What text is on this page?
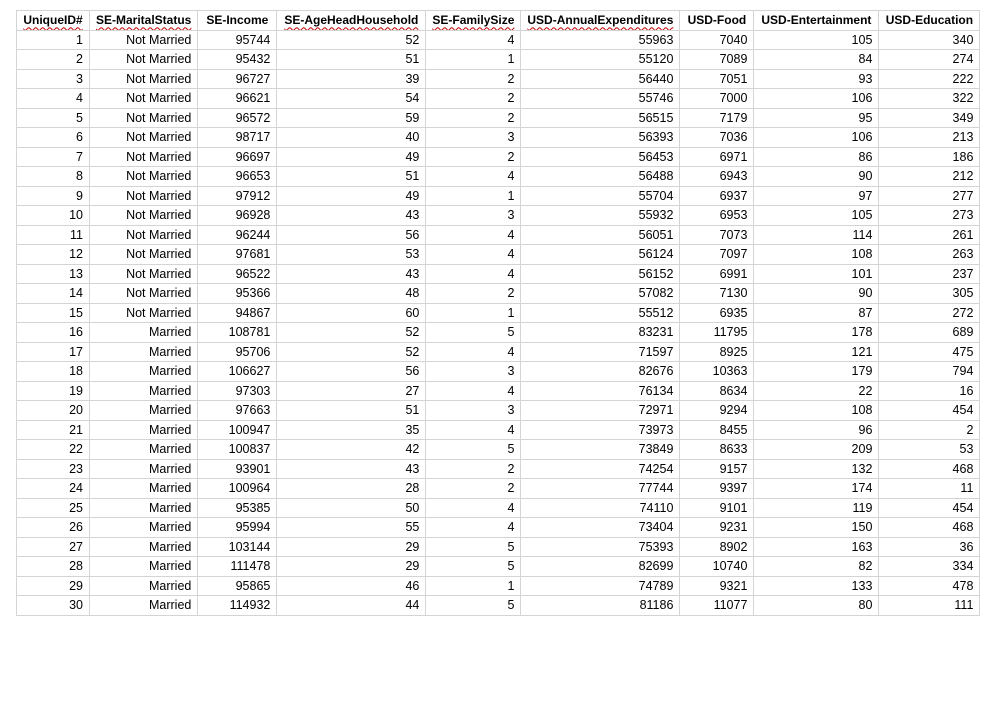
UniqueID#	SE-MaritalStatus	SE-Income	SE-AgeHeadHousehold	SE-FamilySize	USD-AnnualExpenditures	USD-Food	USD-Entertainment	USD-Education
1	Not Married	95744	52	4	55963	7040	105	340
2	Not Married	95432	51	1	55120	7089	84	274
3	Not Married	96727	39	2	56440	7051	93	222
4	Not Married	96621	54	2	55746	7000	106	322
5	Not Married	96572	59	2	56515	7179	95	349
6	Not Married	98717	40	3	56393	7036	106	213
7	Not Married	96697	49	2	56453	6971	86	186
8	Not Married	96653	51	4	56488	6943	90	212
9	Not Married	97912	49	1	55704	6937	97	277
10	Not Married	96928	43	3	55932	6953	105	273
11	Not Married	96244	56	4	56051	7073	114	261
12	Not Married	97681	53	4	56124	7097	108	263
13	Not Married	96522	43	4	56152	6991	101	237
14	Not Married	95366	48	2	57082	7130	90	305
15	Not Married	94867	60	1	55512	6935	87	272
16	Married	108781	52	5	83231	11795	178	689
17	Married	95706	52	4	71597	8925	121	475
18	Married	106627	56	3	82676	10363	179	794
19	Married	97303	27	4	76134	8634	22	16
20	Married	97663	51	3	72971	9294	108	454
21	Married	100947	35	4	73973	8455	96	2
22	Married	100837	42	5	73849	8633	209	53
23	Married	93901	43	2	74254	9157	132	468
24	Married	100964	28	2	77744	9397	174	11
25	Married	95385	50	4	74110	9101	119	454
26	Married	95994	55	4	73404	9231	150	468
27	Married	103144	29	5	75393	8902	163	36
28	Married	111478	29	5	82699	10740	82	334
29	Married	95865	46	1	74789	9321	133	478
30	Married	114932	44	5	81186	11077	80	111
